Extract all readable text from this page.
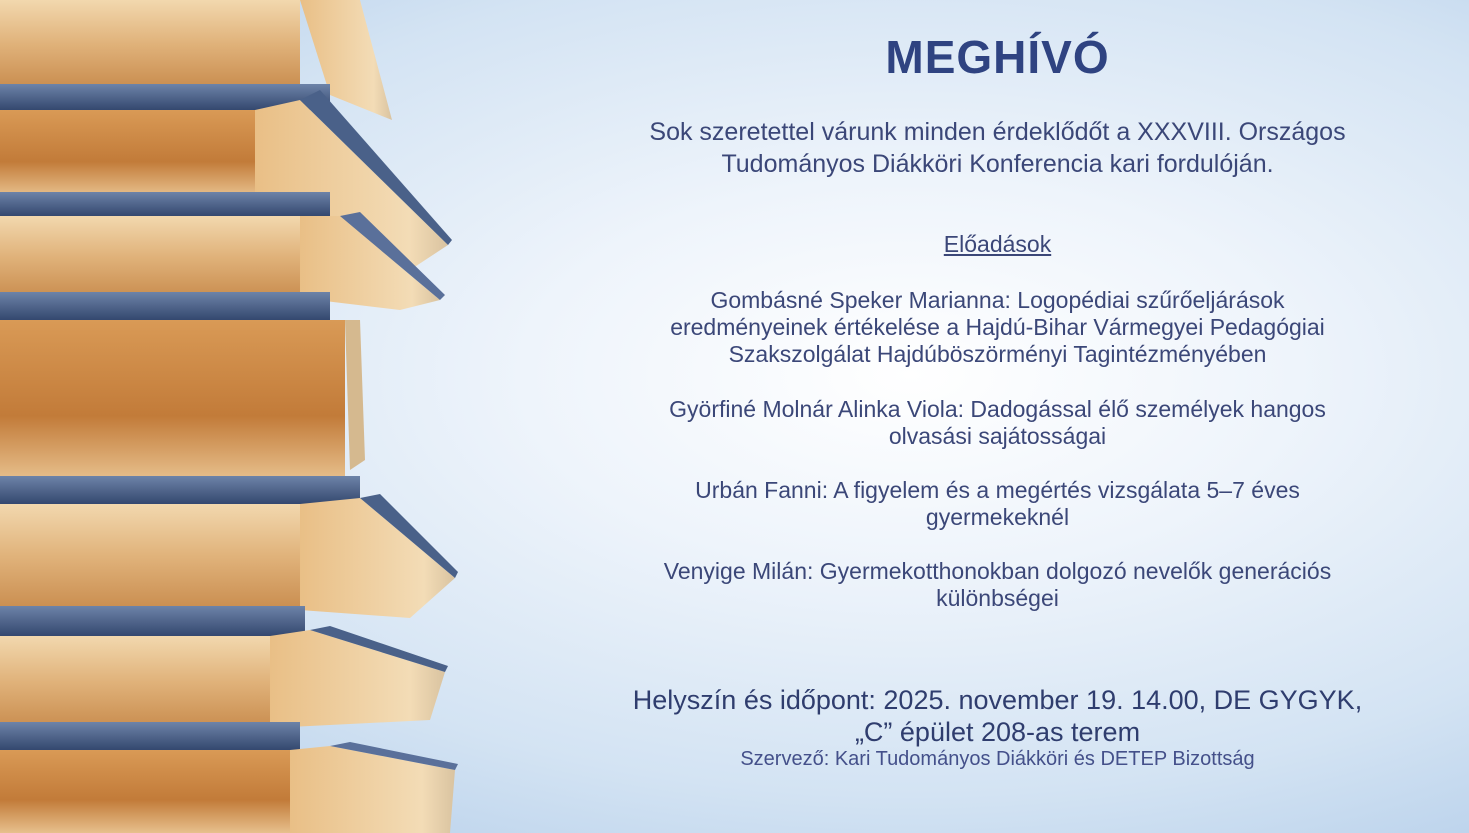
MEGHÍVÓ
Sok szeretettel várunk minden érdeklődőt a XXXVIII. Országos
Tudományos Diákköri Konferencia kari fordulóján.
Előadások
Gombásné Speker Marianna: Logopédiai szűrőeljárások
eredményeinek értékelése a Hajdú-Bihar Vármegyei Pedagógiai
Szakszolgálat Hajdúböszörményi Tagintézményében
Györfiné Molnár Alinka Viola: Dadogással élő személyek hangos
olvasási sajátosságai
Urbán Fanni: A figyelem és a megértés vizsgálata 5–7 éves
gyermekeknél
Venyige Milán: Gyermekotthonokban dolgozó nevelők generációs
különbségei
Helyszín és időpont: 2025. november 19. 14.00, DE GYGYK,
„C” épület 208-as terem
Szervező: Kari Tudományos Diákköri és DETEP Bizottság
